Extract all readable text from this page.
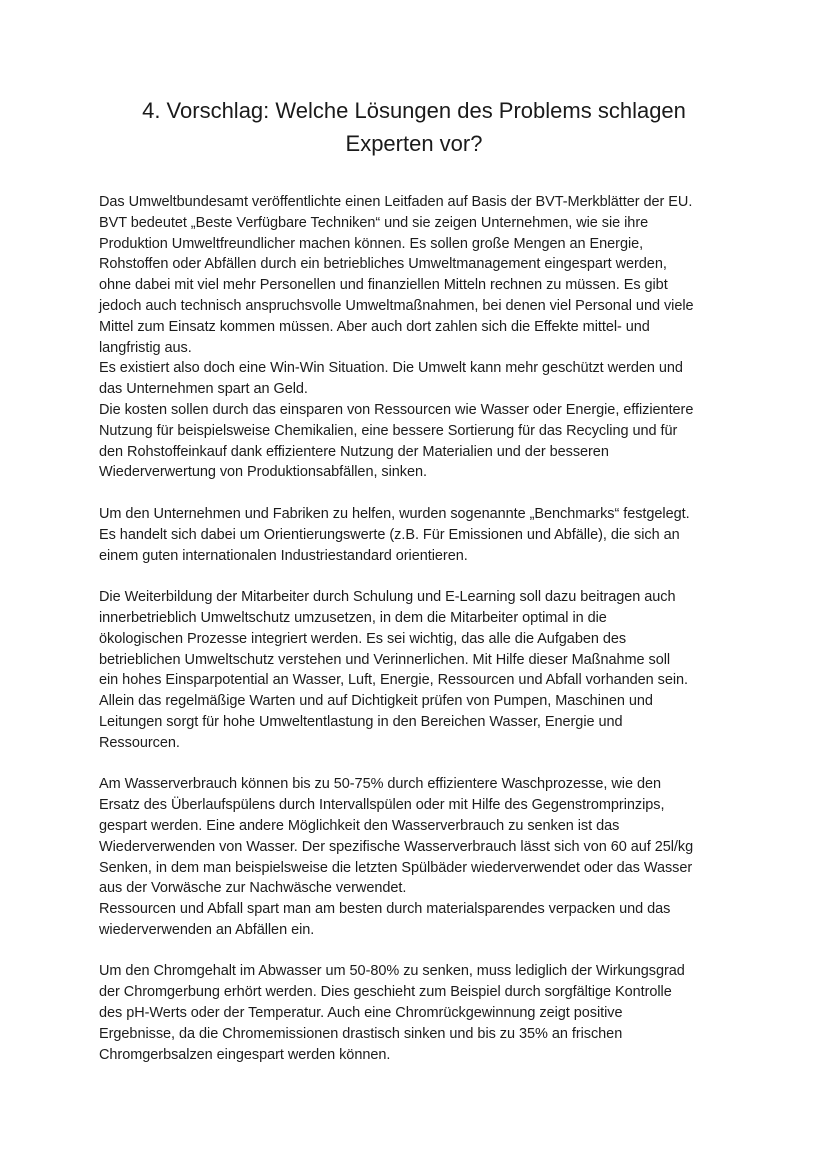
4. Vorschlag: Welche Lösungen des Problems schlagen
Experten vor?

Das Umweltbundesamt veröffentlichte einen Leitfaden auf Basis der BVT-Merkblätter der EU.
BVT bedeutet „Beste Verfügbare Techniken“ und sie zeigen Unternehmen, wie sie ihre
Produktion Umweltfreundlicher machen können. Es sollen große Mengen an Energie,
Rohstoffen oder Abfällen durch ein betriebliches Umweltmanagement eingespart werden,
ohne dabei mit viel mehr Personellen und finanziellen Mitteln rechnen zu müssen. Es gibt
jedoch auch technisch anspruchsvolle Umweltmaßnahmen, bei denen viel Personal und viele
Mittel zum Einsatz kommen müssen. Aber auch dort zahlen sich die Effekte mittel- und
langfristig aus.
Es existiert also doch eine Win-Win Situation. Die Umwelt kann mehr geschützt werden und
das Unternehmen spart an Geld.
Die kosten sollen durch das einsparen von Ressourcen wie Wasser oder Energie, effizientere
Nutzung für beispielsweise Chemikalien, eine bessere Sortierung für das Recycling und für
den Rohstoffeinkauf dank effizientere Nutzung der Materialien und der besseren
Wiederverwertung von Produktionsabfällen, sinken.

Um den Unternehmen und Fabriken zu helfen, wurden sogenannte „Benchmarks“ festgelegt.
Es handelt sich dabei um Orientierungswerte (z.B. Für Emissionen und Abfälle), die sich an
einem guten internationalen Industriestandard orientieren.

Die Weiterbildung der Mitarbeiter durch Schulung und E-Learning soll dazu beitragen auch
innerbetrieblich Umweltschutz umzusetzen, in dem die Mitarbeiter optimal in die
ökologischen Prozesse integriert werden. Es sei wichtig, das alle die Aufgaben des
betrieblichen Umweltschutz verstehen und Verinnerlichen. Mit Hilfe dieser Maßnahme soll
ein hohes Einsparpotential an Wasser, Luft, Energie, Ressourcen und Abfall vorhanden sein.
Allein das regelmäßige Warten und auf Dichtigkeit prüfen von Pumpen, Maschinen und
Leitungen sorgt für hohe Umweltentlastung in den Bereichen Wasser, Energie und
Ressourcen.

Am Wasserverbrauch können bis zu 50-75% durch effizientere Waschprozesse, wie den
Ersatz des Überlaufspülens durch Intervallspülen oder mit Hilfe des Gegenstromprinzips,
gespart werden. Eine andere Möglichkeit den Wasserverbrauch zu senken ist das
Wiederverwenden von Wasser. Der spezifische Wasserverbrauch lässt sich von 60 auf 25l/kg
Senken, in dem man beispielsweise die letzten Spülbäder wiederverwendet oder das Wasser
aus der Vorwäsche zur Nachwäsche verwendet.
Ressourcen und Abfall spart man am besten durch materialsparendes verpacken und das
wiederverwenden an Abfällen ein.

Um den Chromgehalt im Abwasser um 50-80% zu senken, muss lediglich der Wirkungsgrad
der Chromgerbung erhört werden. Dies geschieht zum Beispiel durch sorgfältige Kontrolle
des pH-Werts oder der Temperatur. Auch eine Chromrückgewinnung zeigt positive
Ergebnisse, da die Chromemissionen drastisch sinken und bis zu 35% an frischen
Chromgerbsalzen eingespart werden können.
